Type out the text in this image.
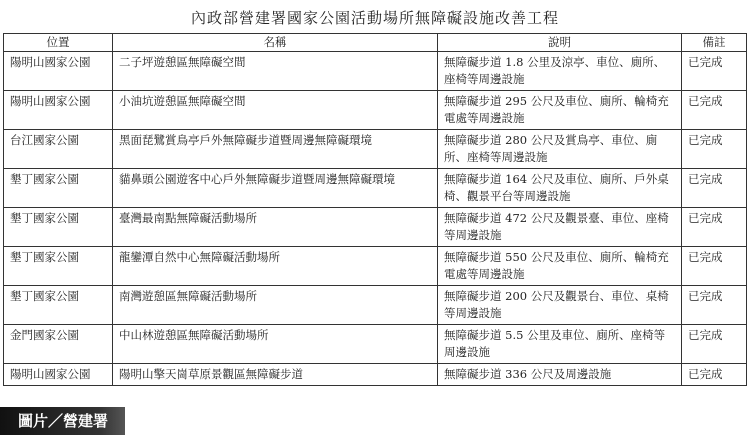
內政部營建署國家公園活動場所無障礙設施改善工程
位置	名稱	說明	備註
陽明山國家公園	二子坪遊憩區無障礙空間	無障礙步道 1.8 公里及涼亭、車位、廁所、座椅等周邊設施	已完成
陽明山國家公園	小油坑遊憩區無障礙空間	無障礙步道 295 公尺及車位、廁所、輪椅充電處等周邊設施	已完成
台江國家公園	黑面琵鷺賞鳥亭戶外無障礙步道暨周邊無障礙環境	無障礙步道 280 公尺及賞鳥亭、車位、廁所、座椅等周邊設施	已完成
墾丁國家公園	貓鼻頭公園遊客中心戶外無障礙步道暨周邊無障礙環境	無障礙步道 164 公尺及車位、廁所、戶外桌椅、觀景平台等周邊設施	已完成
墾丁國家公園	臺灣最南點無障礙活動場所	無障礙步道 472 公尺及觀景臺、車位、座椅等周邊設施	已完成
墾丁國家公園	龍鑾潭自然中心無障礙活動場所	無障礙步道 550 公尺及車位、廁所、輪椅充電處等周邊設施	已完成
墾丁國家公園	南灣遊憩區無障礙活動場所	無障礙步道 200 公尺及觀景台、車位、桌椅等周邊設施	已完成
金門國家公園	中山林遊憩區無障礙活動場所	無障礙步道 5.5 公里及車位、廁所、座椅等周邊設施	已完成
陽明山國家公園	陽明山擎天崗草原景觀區無障礙步道	無障礙步道 336 公尺及周邊設施	已完成
圖片／營建署
